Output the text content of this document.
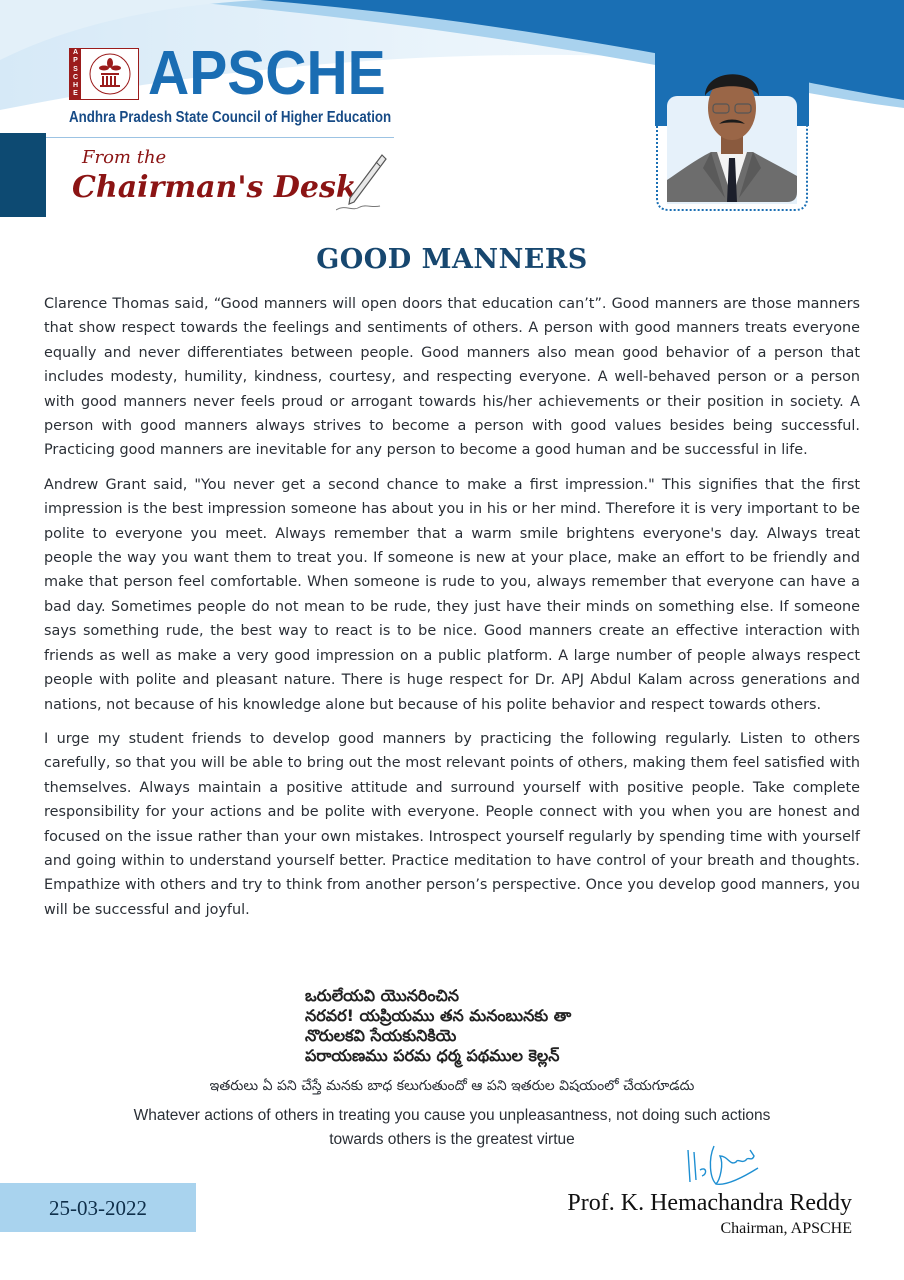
A
P
S
C
H
E APSCHE
Andhra Pradesh State Council of Higher Education
From the
Chairman's Desk
GOOD MANNERS

Clarence Thomas said, “Good manners will open doors that education can’t”. Good manners are those manners that show respect towards the feelings and sentiments of others. A person with good manners treats everyone equally and never differentiates between people. Good manners also mean good behavior of a person that includes modesty, humility, kindness, courtesy, and respecting everyone. A well-behaved person or a person with good manners never feels proud or arrogant towards his/her achievements or their position in society. A person with good manners always strives to become a person with good values besides being successful. Practicing good manners are inevitable for any person to become a good human and be successful in life.

Andrew Grant said, "You never get a second chance to make a first impression." This signifies that the first impression is the best impression someone has about you in his or her mind. Therefore it is very important to be polite to everyone you meet. Always remember that a warm smile brightens everyone's day. Always treat people the way you want them to treat you. If someone is new at your place, make an effort to be friendly and make that person feel comfortable. When someone is rude to you, always remember that everyone can have a bad day. Sometimes people do not mean to be rude, they just have their minds on something else. If someone says something rude, the best way to react is to be nice. Good manners create an effective interaction with friends as well as make a very good impression on a public platform. A large number of people always respect people with polite and pleasant nature. There is huge respect for Dr. APJ Abdul Kalam across generations and nations, not because of his knowledge alone but because of his polite behavior and respect towards others.

I urge my student friends to develop good manners by practicing the following regularly. Listen to others carefully, so that you will be able to bring out the most relevant points of others, making them feel satisfied with themselves. Always maintain a positive attitude and surround yourself with positive people. Take complete responsibility for your actions and be polite with everyone. People connect with you when you are honest and focused on the issue rather than your own mistakes. Introspect yourself regularly by spending time with yourself and going within to understand yourself better. Practice meditation to have control of your breath and thoughts. Empathize with others and try to think from another person’s perspective. Once you develop good manners, you will be successful and joyful.

ఒరులేయవి యొనరించిన
నరవర! యప్రియము తన మనంబునకు తా
నొరులకవి సేయకునికియె
పరాయణము పరమ ధర్మ పథముల కెల్లన్
ఇతరులు ఏ పని చేస్తే మనకు బాధ కలుగుతుందో ఆ పని ఇతరుల విషయంలో చేయగూడదు
Whatever actions of others in treating you cause you unpleasantness, not doing such actions
towards others is the greatest virtue
25-03-2022	Prof. K. Hemachandra Reddy
Chairman, APSCHE
